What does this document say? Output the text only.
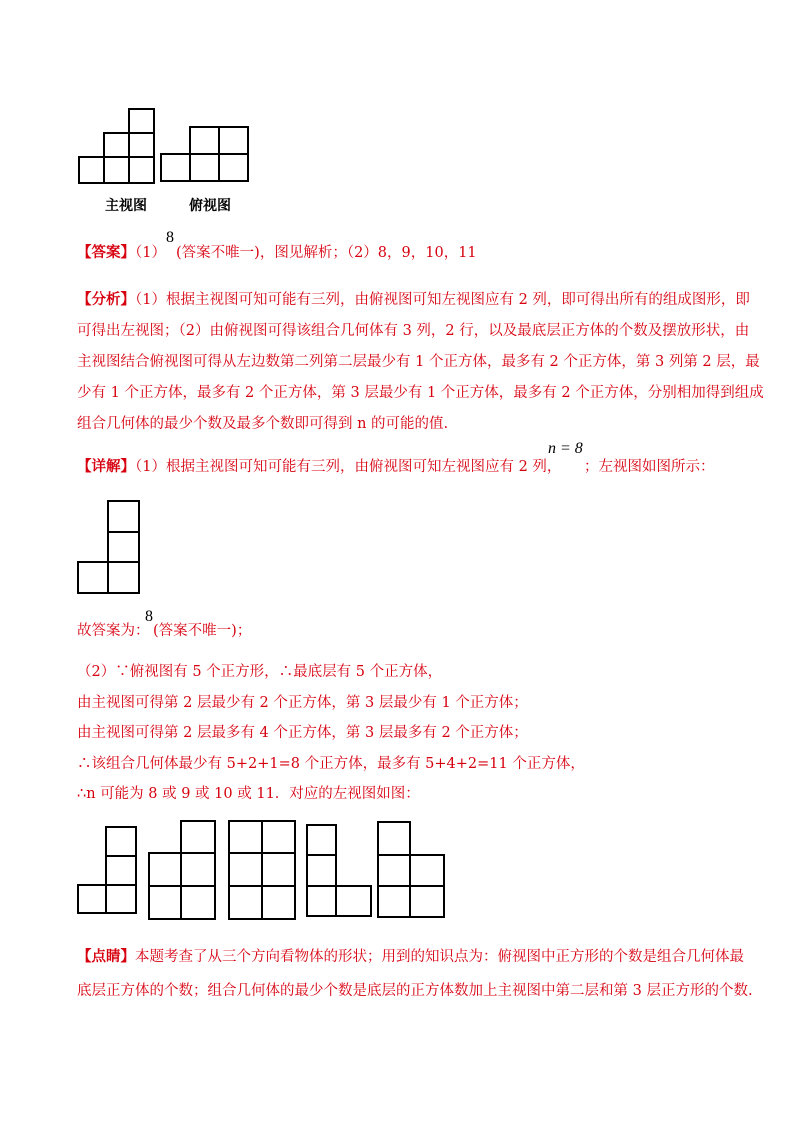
主视图	俯视图
【答案】（1）
8
(答案不唯一)，图见解析；（2）8，9，10，11
【分析】（1）根据主视图可知可能有三列，由俯视图可知左视图应有 2 列，即可得出所有的组成图形，即
可得出左视图；（2）由俯视图可得该组合几何体有 3 列，2 行，以及最底层正方体的个数及摆放形状，由
主视图结合俯视图可得从左边数第二列第二层最少有 1 个正方体，最多有 2 个正方体，第 3 列第 2 层，最
少有 1 个正方体，最多有 2 个正方体，第 3 层最少有 1 个正方体，最多有 2 个正方体，分别相加得到组成
组合几何体的最少个数及最多个数即可得到 n 的可能的值.
【详解】（1）根据主视图可知可能有三列，由俯视图可知左视图应有 2 列，
n = 8
；左视图如图所示：
故答案为：
8
(答案不唯一)；
（2）∵俯视图有 5 个正方形，∴最底层有 5 个正方体，
由主视图可得第 2 层最少有 2 个正方体，第 3 层最少有 1 个正方体；
由主视图可得第 2 层最多有 4 个正方体，第 3 层最多有 2 个正方体；
∴该组合几何体最少有 5+2+1=8 个正方体，最多有 5+4+2=11 个正方体，
∴n 可能为 8 或 9 或 10 或 11．对应的左视图如图：
【点睛】本题考查了从三个方向看物体的形状；用到的知识点为：俯视图中正方形的个数是组合几何体最
底层正方体的个数；组合几何体的最少个数是底层的正方体数加上主视图中第二层和第 3 层正方形的个数.
